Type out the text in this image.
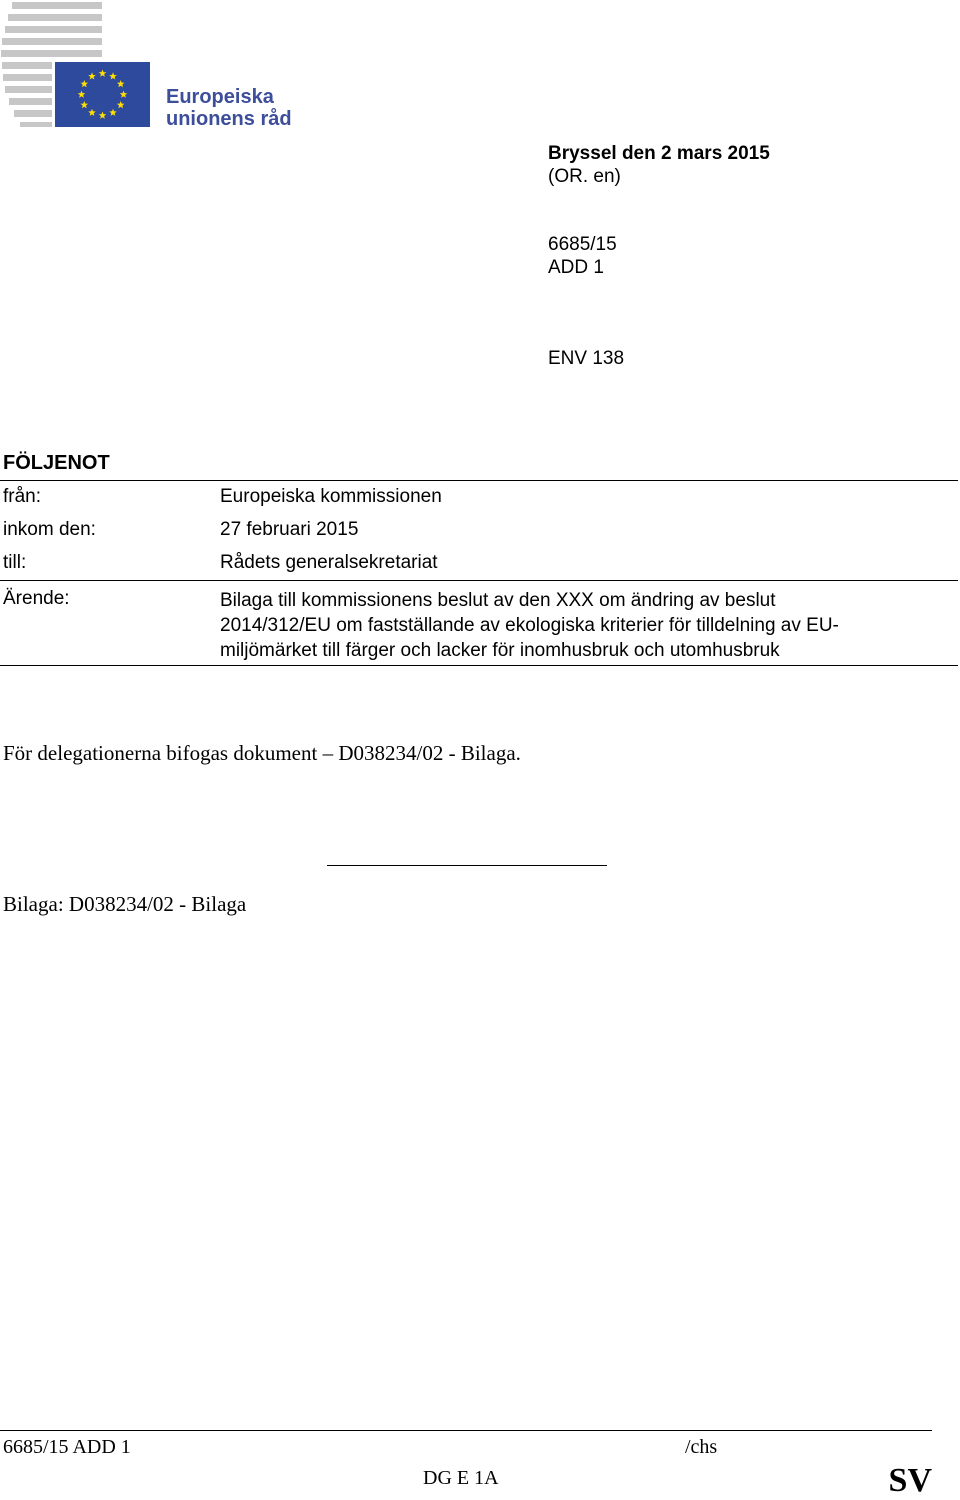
Europeiska
unionens råd
Bryssel den 2 mars 2015
(OR. en)
6685/15
ADD 1
ENV 138
FÖLJENOT
från:	Europeiska kommissionen
inkom den:	27 februari 2015
till:	Rådets generalsekretariat
Ärende:	Bilaga till kommissionens beslut av den XXX om ändring av beslut
2014/312/EU om fastställande av ekologiska kriterier för tilldelning av EU-
miljömärket till färger och lacker för inomhusbruk och utomhusbruk
För delegationerna bifogas dokument – D038234/02 - Bilaga.
Bilaga: D038234/02 - Bilaga
6685/15 ADD 1	/chs
DG E 1A	SV
